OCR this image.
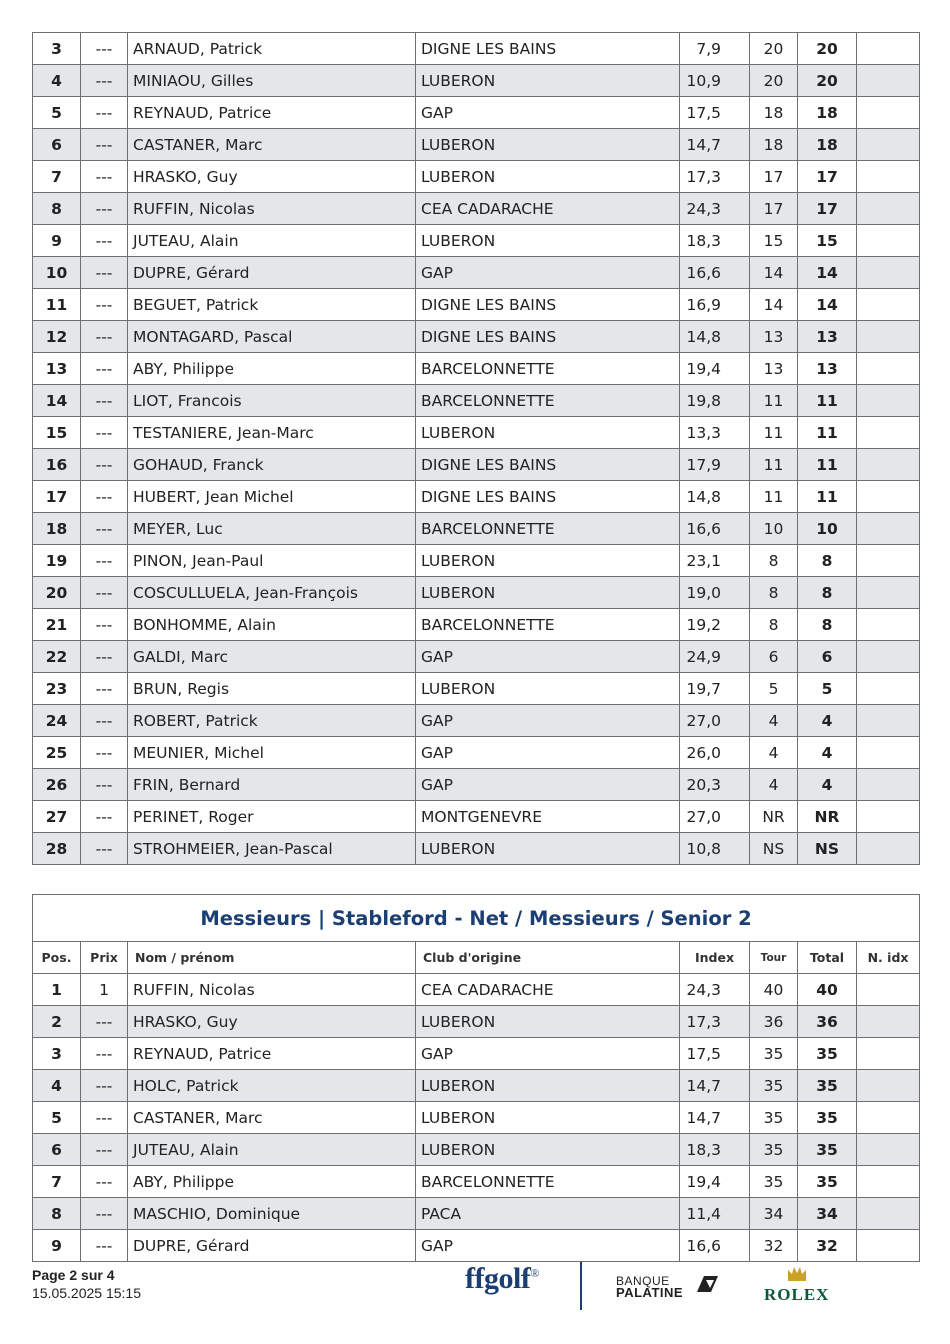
3	---	ARNAUD, Patrick	DIGNE LES BAINS	7,9	20	20	
4	---	MINIAOU, Gilles	LUBERON	10,9	20	20	
5	---	REYNAUD, Patrice	GAP	17,5	18	18	
6	---	CASTANER, Marc	LUBERON	14,7	18	18	
7	---	HRASKO, Guy	LUBERON	17,3	17	17	
8	---	RUFFIN, Nicolas	CEA CADARACHE	24,3	17	17	
9	---	JUTEAU, Alain	LUBERON	18,3	15	15	
10	---	DUPRE, Gérard	GAP	16,6	14	14	
11	---	BEGUET, Patrick	DIGNE LES BAINS	16,9	14	14	
12	---	MONTAGARD, Pascal	DIGNE LES BAINS	14,8	13	13	
13	---	ABY, Philippe	BARCELONNETTE	19,4	13	13	
14	---	LIOT, Francois	BARCELONNETTE	19,8	11	11	
15	---	TESTANIERE, Jean-Marc	LUBERON	13,3	11	11	
16	---	GOHAUD, Franck	DIGNE LES BAINS	17,9	11	11	
17	---	HUBERT, Jean Michel	DIGNE LES BAINS	14,8	11	11	
18	---	MEYER, Luc	BARCELONNETTE	16,6	10	10	
19	---	PINON, Jean-Paul	LUBERON	23,1	8	8	
20	---	COSCULLUELA, Jean-François	LUBERON	19,0	8	8	
21	---	BONHOMME, Alain	BARCELONNETTE	19,2	8	8	
22	---	GALDI, Marc	GAP	24,9	6	6	
23	---	BRUN, Regis	LUBERON	19,7	5	5	
24	---	ROBERT, Patrick	GAP	27,0	4	4	
25	---	MEUNIER, Michel	GAP	26,0	4	4	
26	---	FRIN, Bernard	GAP	20,3	4	4	
27	---	PERINET, Roger	MONTGENEVRE	27,0	NR	NR	
28	---	STROHMEIER, Jean-Pascal	LUBERON	10,8	NS	NS	
Messieurs | Stableford - Net / Messieurs / Senior 2							
Pos.	Prix	Nom / prénom	Club d'origine	Index	Tour	Total	N. idx
1	1	RUFFIN, Nicolas	CEA CADARACHE	24,3	40	40	
2	---	HRASKO, Guy	LUBERON	17,3	36	36	
3	---	REYNAUD, Patrice	GAP	17,5	35	35	
4	---	HOLC, Patrick	LUBERON	14,7	35	35	
5	---	CASTANER, Marc	LUBERON	14,7	35	35	
6	---	JUTEAU, Alain	LUBERON	18,3	35	35	
7	---	ABY, Philippe	BARCELONNETTE	19,4	35	35	
8	---	MASCHIO, Dominique	PACA	11,4	34	34	
9	---	DUPRE, Gérard	GAP	16,6	32	32	
Page 2 sur 4
15.05.2025 15:15	ffgolf®
BANQUE
PALATINE	ROLEX
